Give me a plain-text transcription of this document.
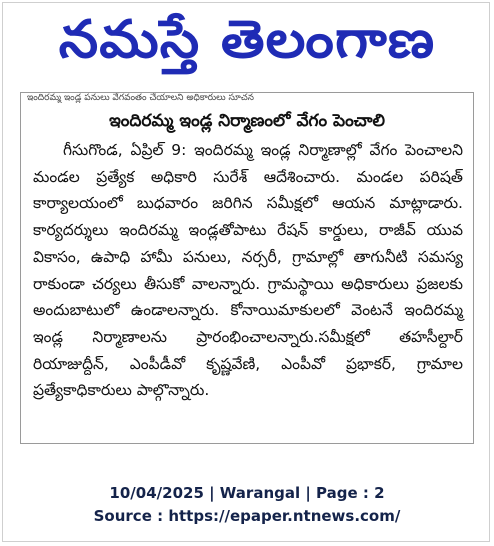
నమస్తే తెలంగాణ
ఇందిరమ్మ ఇండ్ల పనులు వేగవంతం చేయాలని అధికారులు సూచన
ఇందిరమ్మ ఇండ్ల నిర్మాణంలో వేగం పెంచాలి

గీసుగొండ, ఏప్రిల్ 9: ఇందిరమ్మ ఇండ్ల నిర్మాణాల్లో వేగం పెంచాలని మండల ప్రత్యేక అధికారి సురేశ్ ఆదేశించారు. మండల పరిషత్ కార్యాలయంలో బుధవారం జరిగిన సమీక్షలో ఆయన మాట్లాడారు. కార్యదర్శులు ఇందిరమ్మ ఇండ్లతోపాటు రేషన్ కార్డులు, రాజీవ్ యువ వికాసం, ఉపాధి హామీ పనులు, నర్సరీ, గ్రామాల్లో తాగునీటి సమస్య రాకుండా చర్యలు తీసుకో వాలన్నారు. గ్రామస్థాయి అధికారులు ప్రజలకు అందుబాటులో ఉండాలన్నారు. కోనాయిమాకులలో వెంటనే ఇందిరమ్మ ఇండ్ల నిర్మాణాలను ప్రారంభించాలన్నారు.సమీక్షలో తహసీల్దార్ రియాజుద్దీన్, ఎంపీడీవో కృష్ణవేణి, ఎంపీవో ప్రభాకర్, గ్రామాల ప్రత్యేకాధికారులు పాల్గొన్నారు.

10/04/2025 | Warangal | Page : 2
Source : https://epaper.ntnews.com/
